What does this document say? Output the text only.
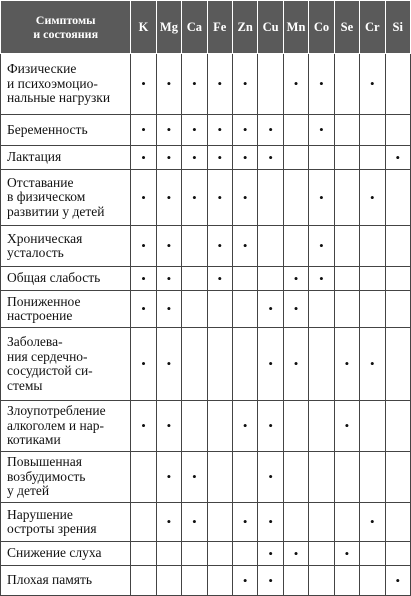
Симптомы
и состояния	K	Mg	Ca	Fe	Zn	Cu	Mn	Co	Se	Cr	Si
Физические
и психоэмоцио-
нальные нагрузки	•	•	•	•	•		•	•		•	
Беременность	•	•	•	•	•	•		•			
Лактация	•	•	•	•	•	•					•
Отставание
в физическом
развитии у детей	•	•	•	•	•			•		•	
Хроническая
усталость	•	•		•	•			•			
Общая слабость	•	•		•			•	•			
Пониженное
настроение	•	•				•	•				
Заболева-
ния сердечно-
сосудистой си-
стемы	•	•				•	•		•	•	
Злоупотребление
алкоголем и нар-
котиками	•	•			•	•			•		
Повышенная
возбудимость
у детей		•	•			•					
Нарушение
остроты зрения		•	•		•	•				•	
Снижение слуха						•	•		•		
Плохая память					•	•					•
